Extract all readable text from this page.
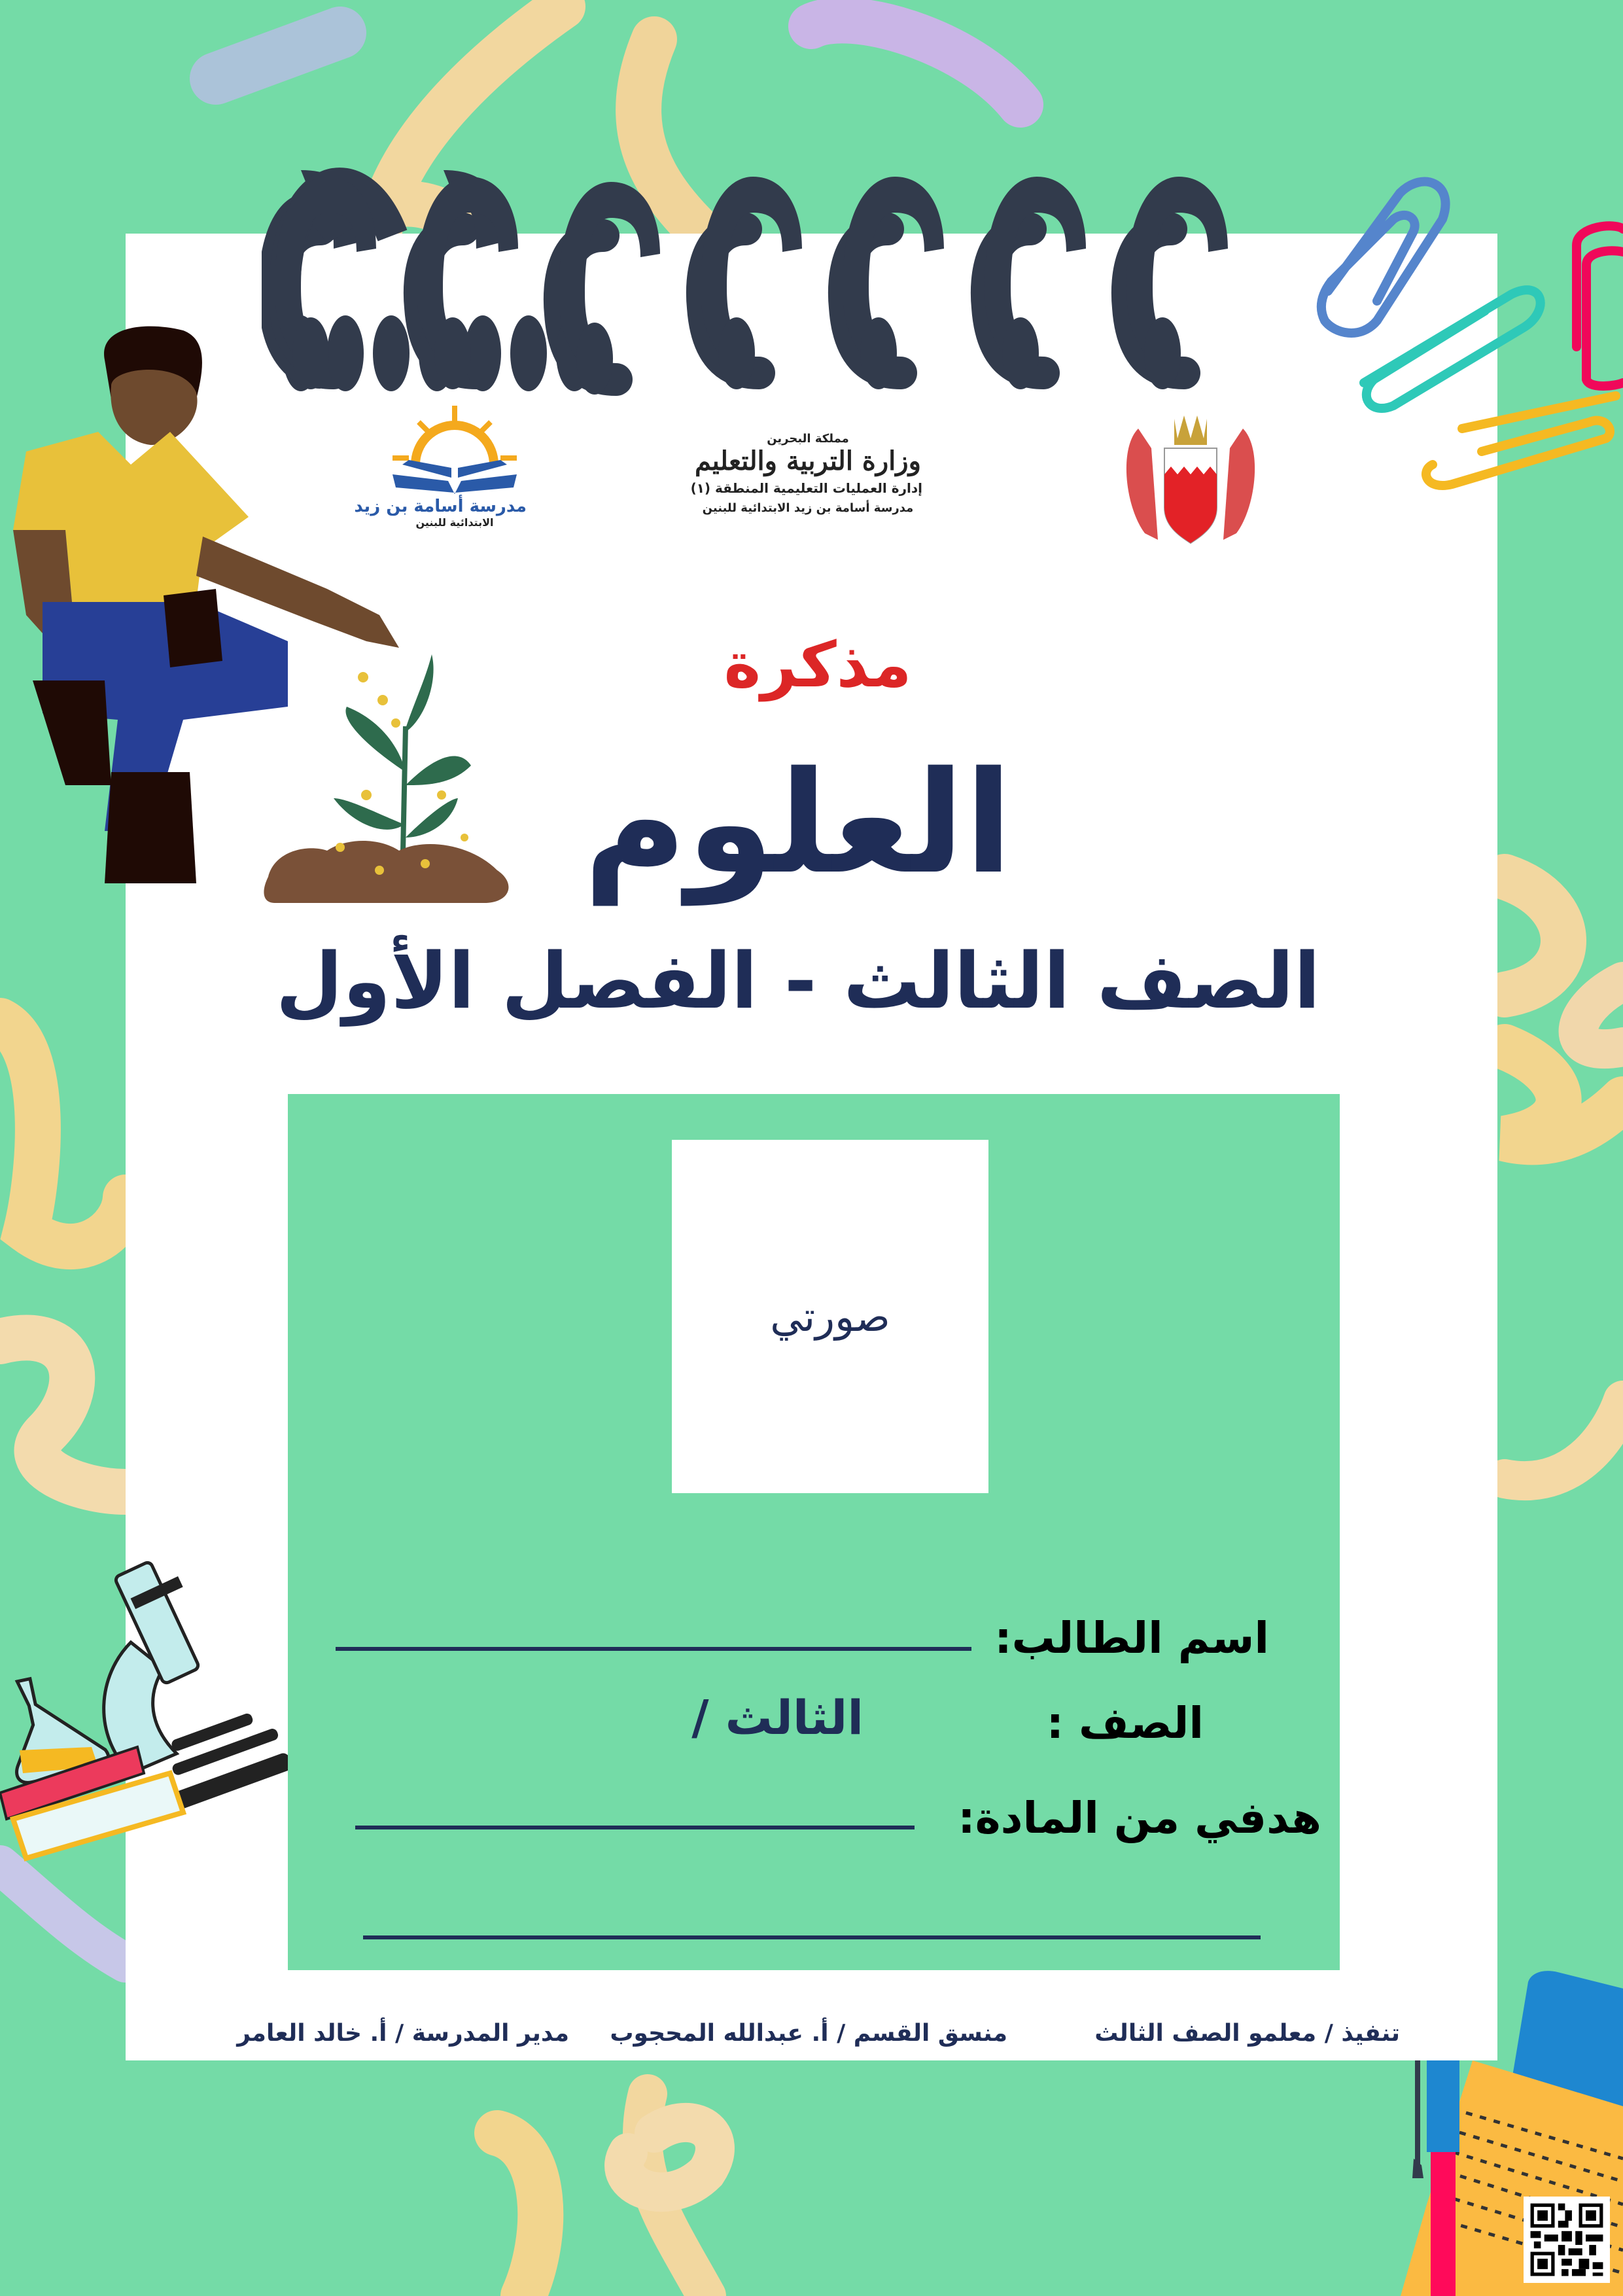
مدرسة أسامة بن زيد
الابتدائية للبنين
مملكة البحرين
وزارة التربية والتعليم
إدارة العمليات التعليمية المنطقة (١)
مدرسة أسامة بن زيد الابتدائية للبنين
مذكرة
العلوم
الصف الثالث - الفصل الأول
صورتي
اسم الطالب:
الصف :
الثالث /
هدفي من المادة:
تنفيذ / معلمو الصف الثالث
منسق القسم / أ. عبدالله المحجوب
مدير المدرسة / أ. خالد العامر
